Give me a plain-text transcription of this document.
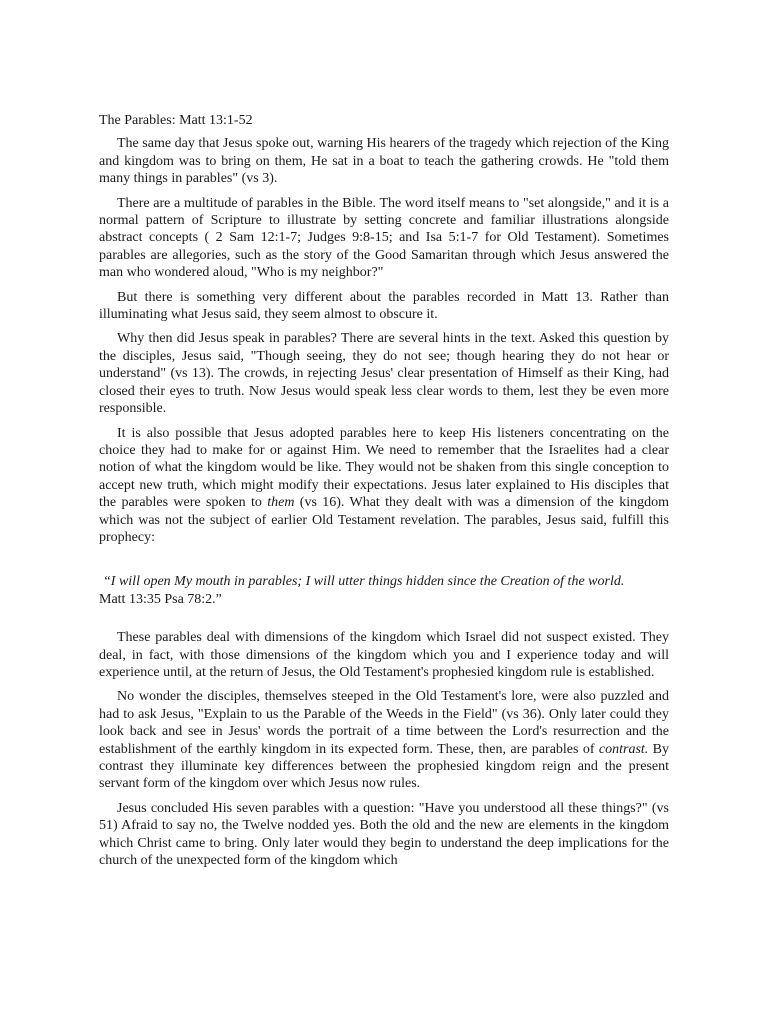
The Parables: Matt 13:1-52

The same day that Jesus spoke out, warning His hearers of the tragedy which rejection of the King and kingdom was to bring on them, He sat in a boat to teach the gathering crowds. He "told them many things in parables" (vs 3).

There are a multitude of parables in the Bible. The word itself means to "set alongside," and it is a normal pattern of Scripture to illustrate by setting concrete and familiar illustrations alongside abstract concepts ( 2 Sam 12:1-7; Judges 9:8-15; and Isa 5:1-7 for Old Testament). Sometimes parables are allegories, such as the story of the Good Samaritan through which Jesus answered the man who wondered aloud, "Who is my neighbor?"

But there is something very different about the parables recorded in Matt 13. Rather than illuminating what Jesus said, they seem almost to obscure it.

Why then did Jesus speak in parables? There are several hints in the text. Asked this question by the disciples, Jesus said, "Though seeing, they do not see; though hearing they do not hear or understand" (vs 13). The crowds, in rejecting Jesus' clear presentation of Himself as their King, had closed their eyes to truth. Now Jesus would speak less clear words to them, lest they be even more responsible.

It is also possible that Jesus adopted parables here to keep His listeners concentrating on the choice they had to make for or against Him. We need to remember that the Israelites had a clear notion of what the kingdom would be like. They would not be shaken from this single conception to accept new truth, which might modify their expectations. Jesus later explained to His disciples that the parables were spoken to them (vs 16). What they dealt with was a dimension of the kingdom which was not the subject of earlier Old Testament revelation. The parables, Jesus said, fulfill this prophecy:

“I will open My mouth in parables; I will utter things hidden since the Creation of the world.
Matt 13:35 Psa 78:2.”

These parables deal with dimensions of the kingdom which Israel did not suspect existed. They deal, in fact, with those dimensions of the kingdom which you and I experience today and will experience until, at the return of Jesus, the Old Testament's prophesied kingdom rule is established.

No wonder the disciples, themselves steeped in the Old Testament's lore, were also puzzled and had to ask Jesus, "Explain to us the Parable of the Weeds in the Field" (vs 36). Only later could they look back and see in Jesus' words the portrait of a time between the Lord's resurrection and the establishment of the earthly kingdom in its expected form. These, then, are parables of contrast. By contrast they illuminate key differences between the prophesied kingdom reign and the present servant form of the kingdom over which Jesus now rules.

Jesus concluded His seven parables with a question: "Have you understood all these things?" (vs 51) Afraid to say no, the Twelve nodded yes. Both the old and the new are elements in the kingdom which Christ came to bring. Only later would they begin to understand the deep implications for the church of the unexpected form of the kingdom which
